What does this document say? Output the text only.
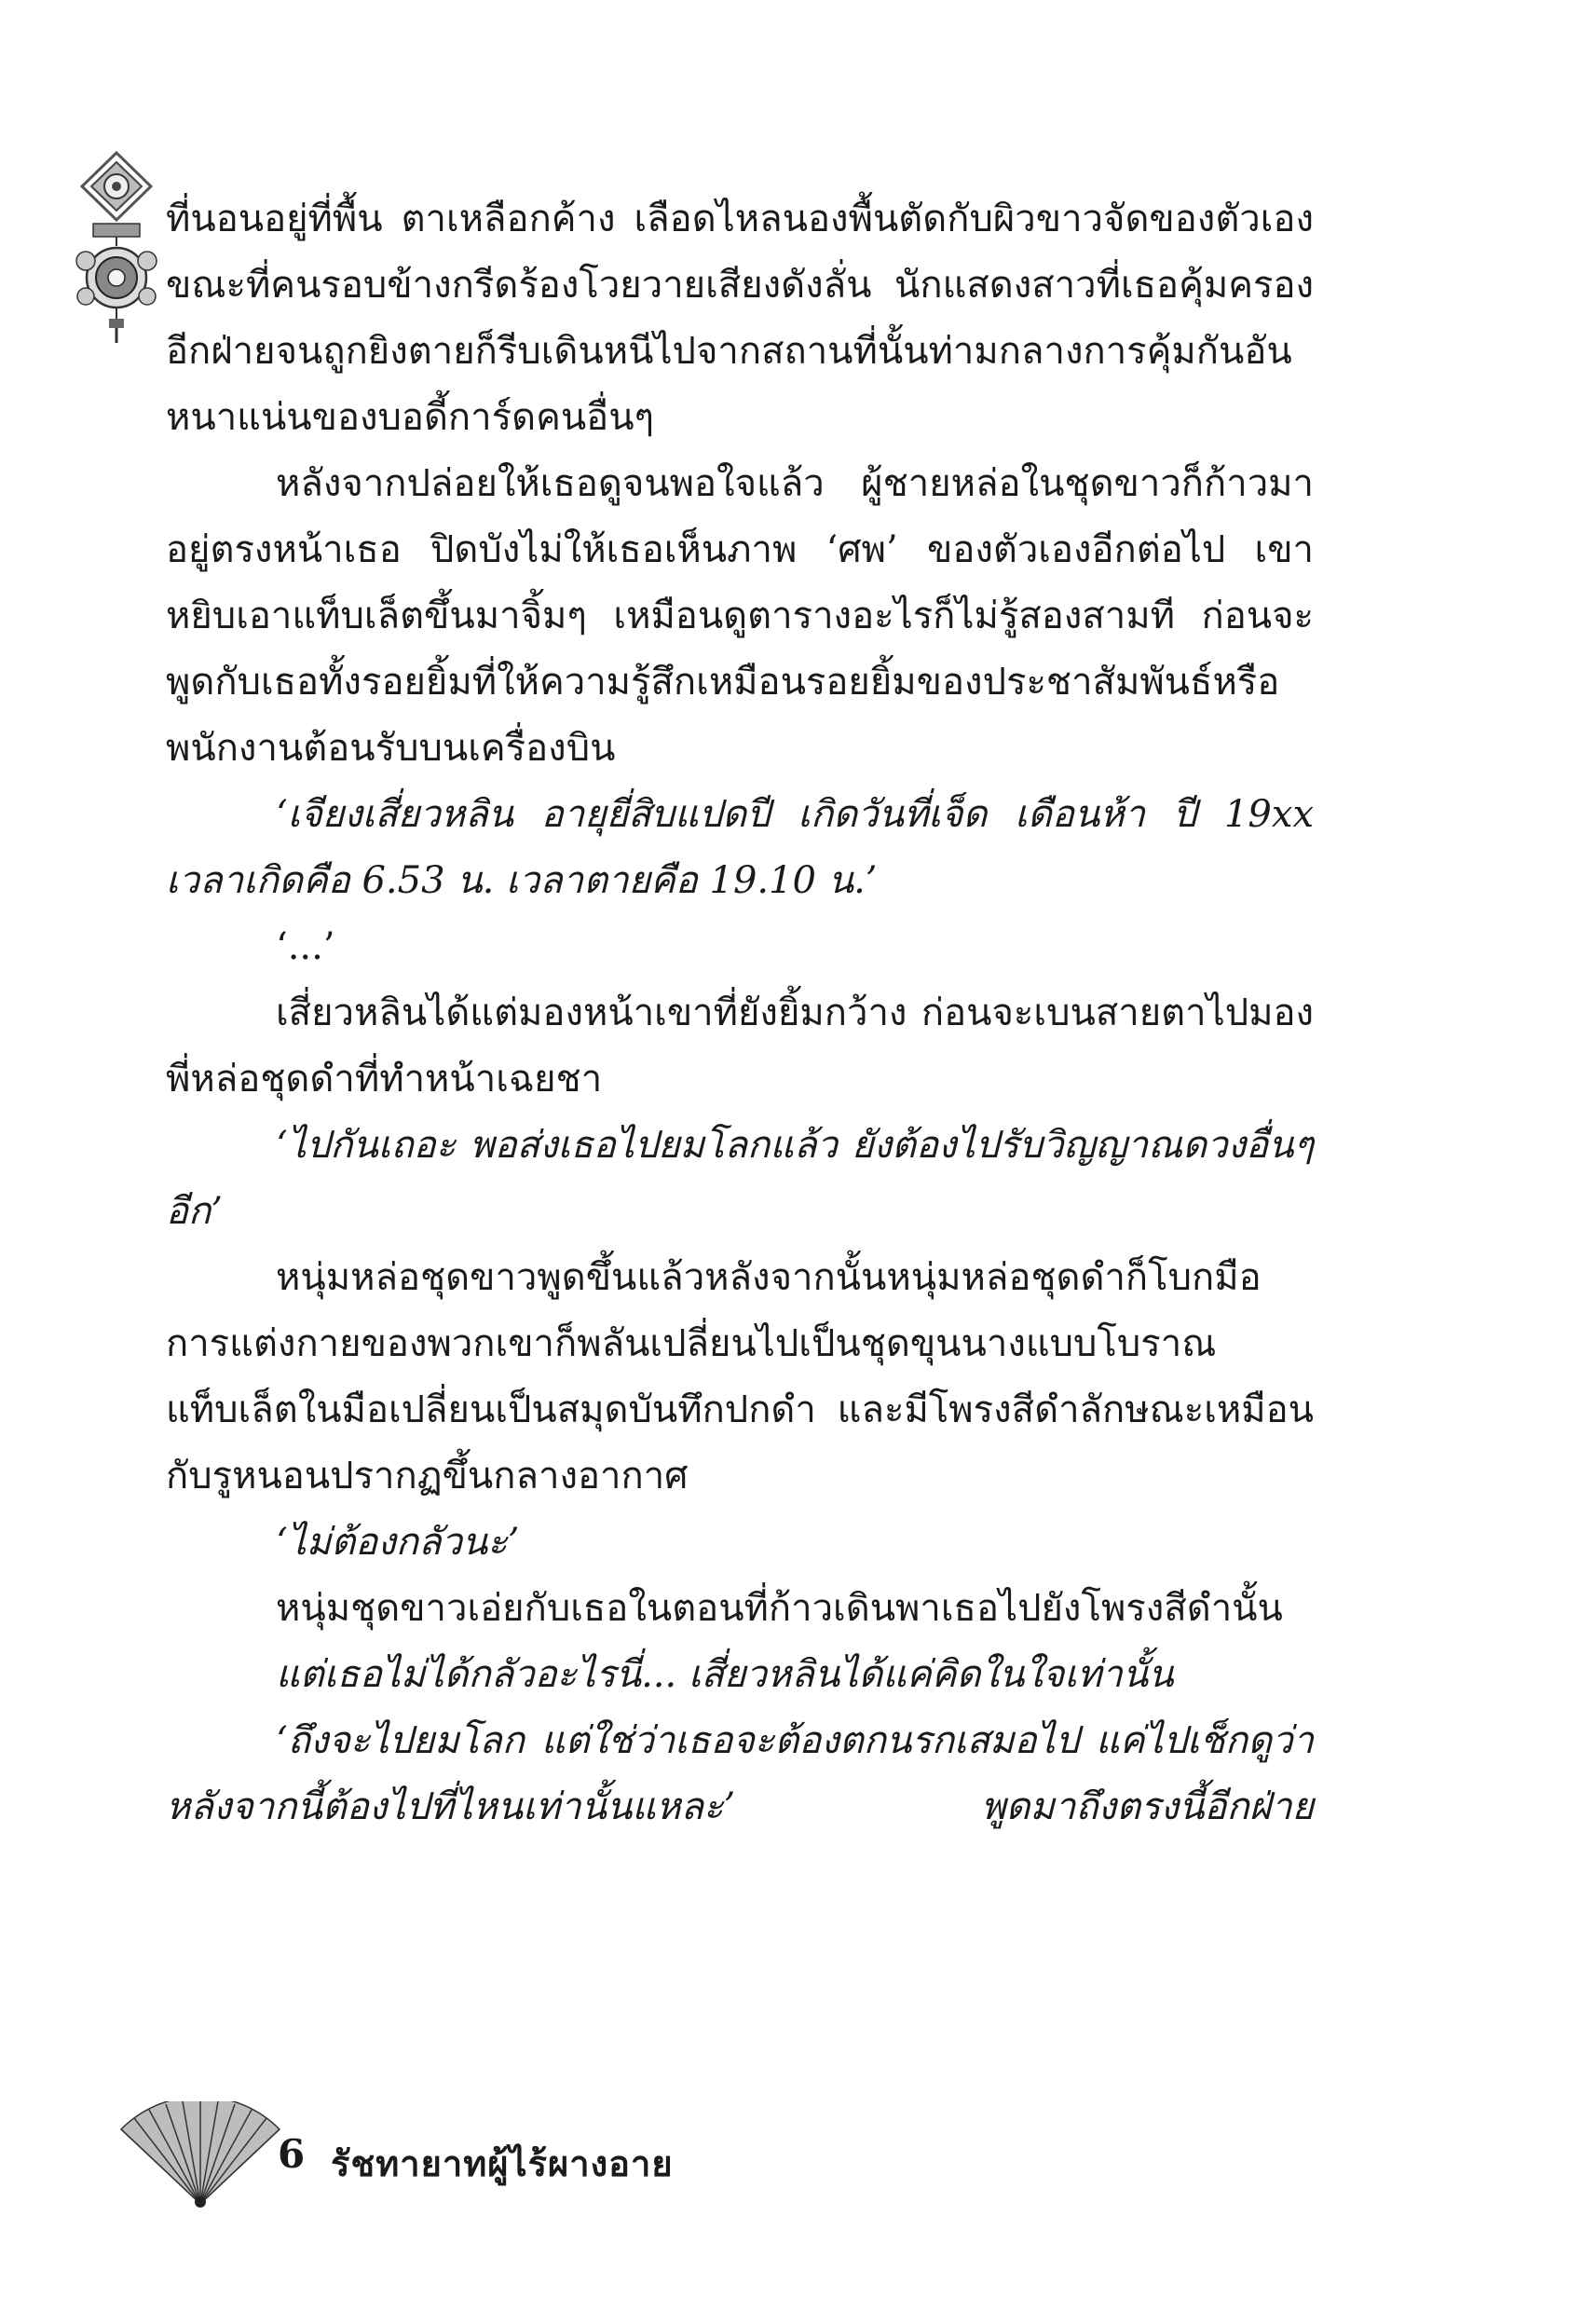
ที่นอนอยู่ที่พื้น ตาเหลือกค้าง เลือดไหลนองพื้นตัดกับผิวขาวจัดของตัวเอง ขณะที่คนรอบข้างกรีดร้องโวยวายเสียงดังลั่น นักแสดงสาวที่เธอคุ้มครองอีกฝ่ายจนถูกยิงตายก็รีบเดินหนีไปจากสถานที่นั้นท่ามกลางการคุ้มกันอันหนาแน่นของบอดี้การ์ดคนอื่นๆ

หลังจากปล่อยให้เธอดูจนพอใจแล้ว ผู้ชายหล่อในชุดขาวก็ก้าวมาอยู่ตรงหน้าเธอ ปิดบังไม่ให้เธอเห็นภาพ ‘ศพ’ ของตัวเองอีกต่อไป เขาหยิบเอาแท็บเล็ตขึ้นมาจิ้มๆ เหมือนดูตารางอะไรก็ไม่รู้สองสามที ก่อนจะพูดกับเธอทั้งรอยยิ้มที่ให้ความรู้สึกเหมือนรอยยิ้มของประชาสัมพันธ์หรือพนักงานต้อนรับบนเครื่องบิน

‘เจียงเสี่ยวหลิน อายุยี่สิบแปดปี เกิดวันที่เจ็ด เดือนห้า ปี 19xx เวลาเกิดคือ 6.53 น. เวลาตายคือ 19.10 น.’

‘...’

เสี่ยวหลินได้แต่มองหน้าเขาที่ยังยิ้มกว้าง ก่อนจะเบนสายตาไปมองพี่หล่อชุดดำที่ทำหน้าเฉยชา

‘ไปกันเถอะ พอส่งเธอไปยมโลกแล้ว ยังต้องไปรับวิญญาณดวงอื่นๆ อีก’

หนุ่มหล่อชุดขาวพูดขึ้นแล้วหลังจากนั้นหนุ่มหล่อชุดดำก็โบกมือ การแต่งกายของพวกเขาก็พลันเปลี่ยนไปเป็นชุดขุนนางแบบโบราณ แท็บเล็ตในมือเปลี่ยนเป็นสมุดบันทึกปกดำ และมีโพรงสีดำลักษณะเหมือนกับรูหนอนปรากฏขึ้นกลางอากาศ

‘ไม่ต้องกลัวนะ’

หนุ่มชุดขาวเอ่ยกับเธอในตอนที่ก้าวเดินพาเธอไปยังโพรงสีดำนั้น

แต่เธอไม่ได้กลัวอะไรนี่... เสี่ยวหลินได้แค่คิดในใจเท่านั้น

‘ถึงจะไปยมโลก แต่ใช่ว่าเธอจะต้องตกนรกเสมอไป แค่ไปเช็กดูว่าหลังจากนี้ต้องไปที่ไหนเท่านั้นแหละ’ พูดมาถึงตรงนี้อีกฝ่าย

6 รัชทายาทผู้ไร้ผางอาย
